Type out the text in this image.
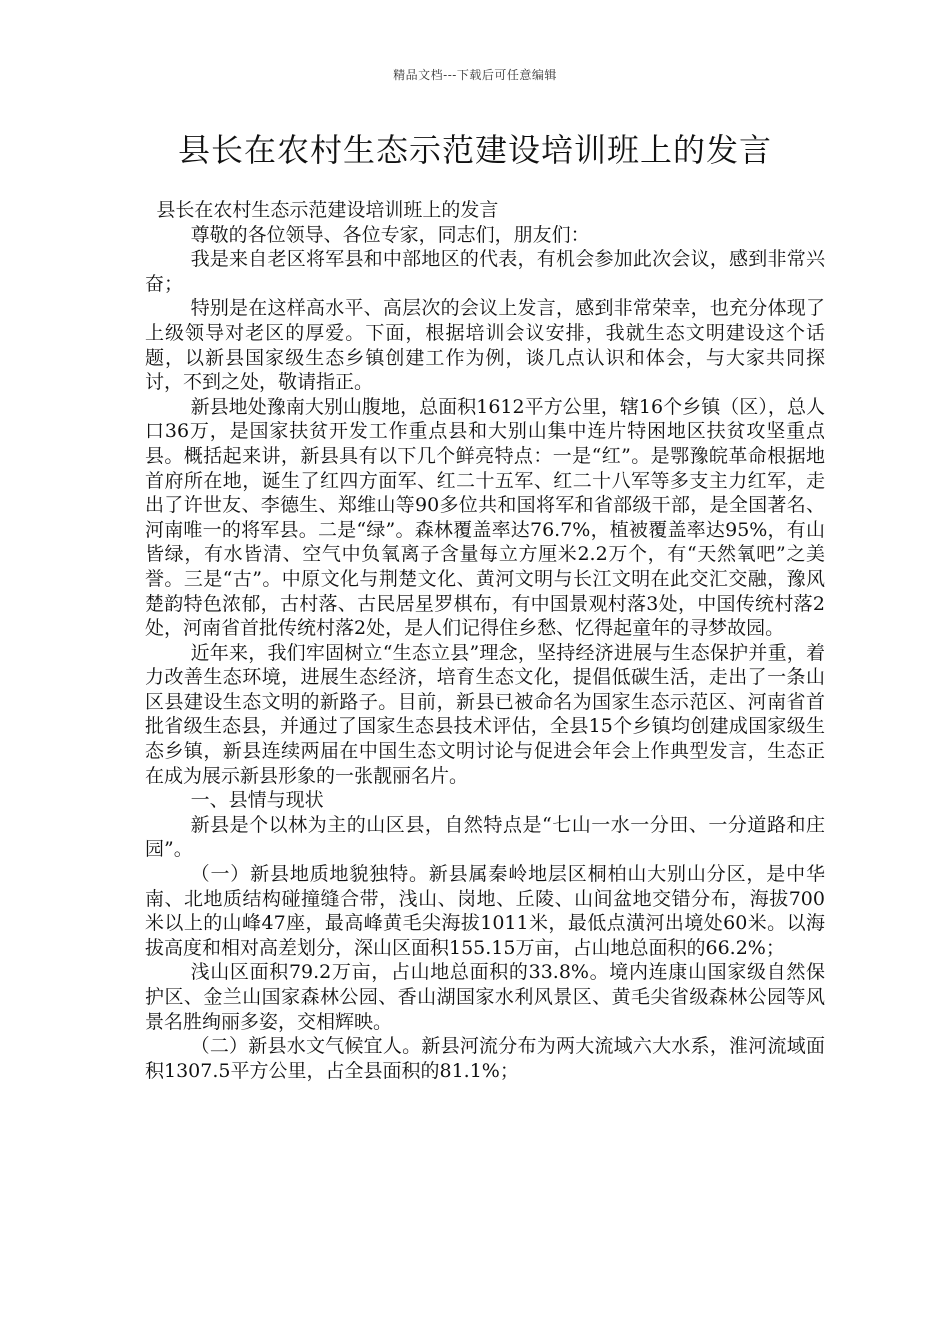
精品文档---下载后可任意编辑
县长在农村生态示范建设培训班上的发言

县长在农村生态示范建设培训班上的发言

尊敬的各位领导、各位专家，同志们，朋友们：

我是来自老区将军县和中部地区的代表，有机会参加此次会议，感到非常兴奋；

特别是在这样高水平、高层次的会议上发言，感到非常荣幸，也充分体现了上级领导对老区的厚爱。下面，根据培训会议安排，我就生态文明建设这个话题，以新县国家级生态乡镇创建工作为例，谈几点认识和体会，与大家共同探讨，不到之处，敬请指正。

新县地处豫南大别山腹地，总面积1612平方公里，辖16个乡镇（区），总人口36万，是国家扶贫开发工作重点县和大别山集中连片特困地区扶贫攻坚重点县。概括起来讲，新县具有以下几个鲜亮特点：一是“红”。是鄂豫皖革命根据地首府所在地，诞生了红四方面军、红二十五军、红二十八军等多支主力红军，走出了许世友、李德生、郑维山等90多位共和国将军和省部级干部，是全国著名、河南唯一的将军县。二是“绿”。森林覆盖率达76.7%，植被覆盖率达95%，有山皆绿，有水皆清、空气中负氧离子含量每立方厘米2.2万个，有“天然氧吧”之美誉。三是“古”。中原文化与荆楚文化、黄河文明与长江文明在此交汇交融，豫风楚韵特色浓郁，古村落、古民居星罗棋布，有中国景观村落3处，中国传统村落2处，河南省首批传统村落2处，是人们记得住乡愁、忆得起童年的寻梦故园。

近年来，我们牢固树立“生态立县”理念，坚持经济进展与生态保护并重，着力改善生态环境，进展生态经济，培育生态文化，提倡低碳生活，走出了一条山区县建设生态文明的新路子。目前，新县已被命名为国家生态示范区、河南省首批省级生态县，并通过了国家生态县技术评估，全县15个乡镇均创建成国家级生态乡镇，新县连续两届在中国生态文明讨论与促进会年会上作典型发言，生态正在成为展示新县形象的一张靓丽名片。

一、县情与现状

新县是个以林为主的山区县，自然特点是“七山一水一分田、一分道路和庄园”。

（一）新县地质地貌独特。新县属秦岭地层区桐柏山大别山分区，是中华南、北地质结构碰撞缝合带，浅山、岗地、丘陵、山间盆地交错分布，海拔700米以上的山峰47座，最高峰黄毛尖海拔1011米，最低点潢河出境处60米。以海拔高度和相对高差划分，深山区面积155.15万亩，占山地总面积的66.2%；

浅山区面积79.2万亩，占山地总面积的33.8%。境内连康山国家级自然保护区、金兰山国家森林公园、香山湖国家水利风景区、黄毛尖省级森林公园等风景名胜绚丽多姿，交相辉映。

（二）新县水文气候宜人。新县河流分布为两大流域六大水系，淮河流域面积1307.5平方公里，占全县面积的81.1%；
